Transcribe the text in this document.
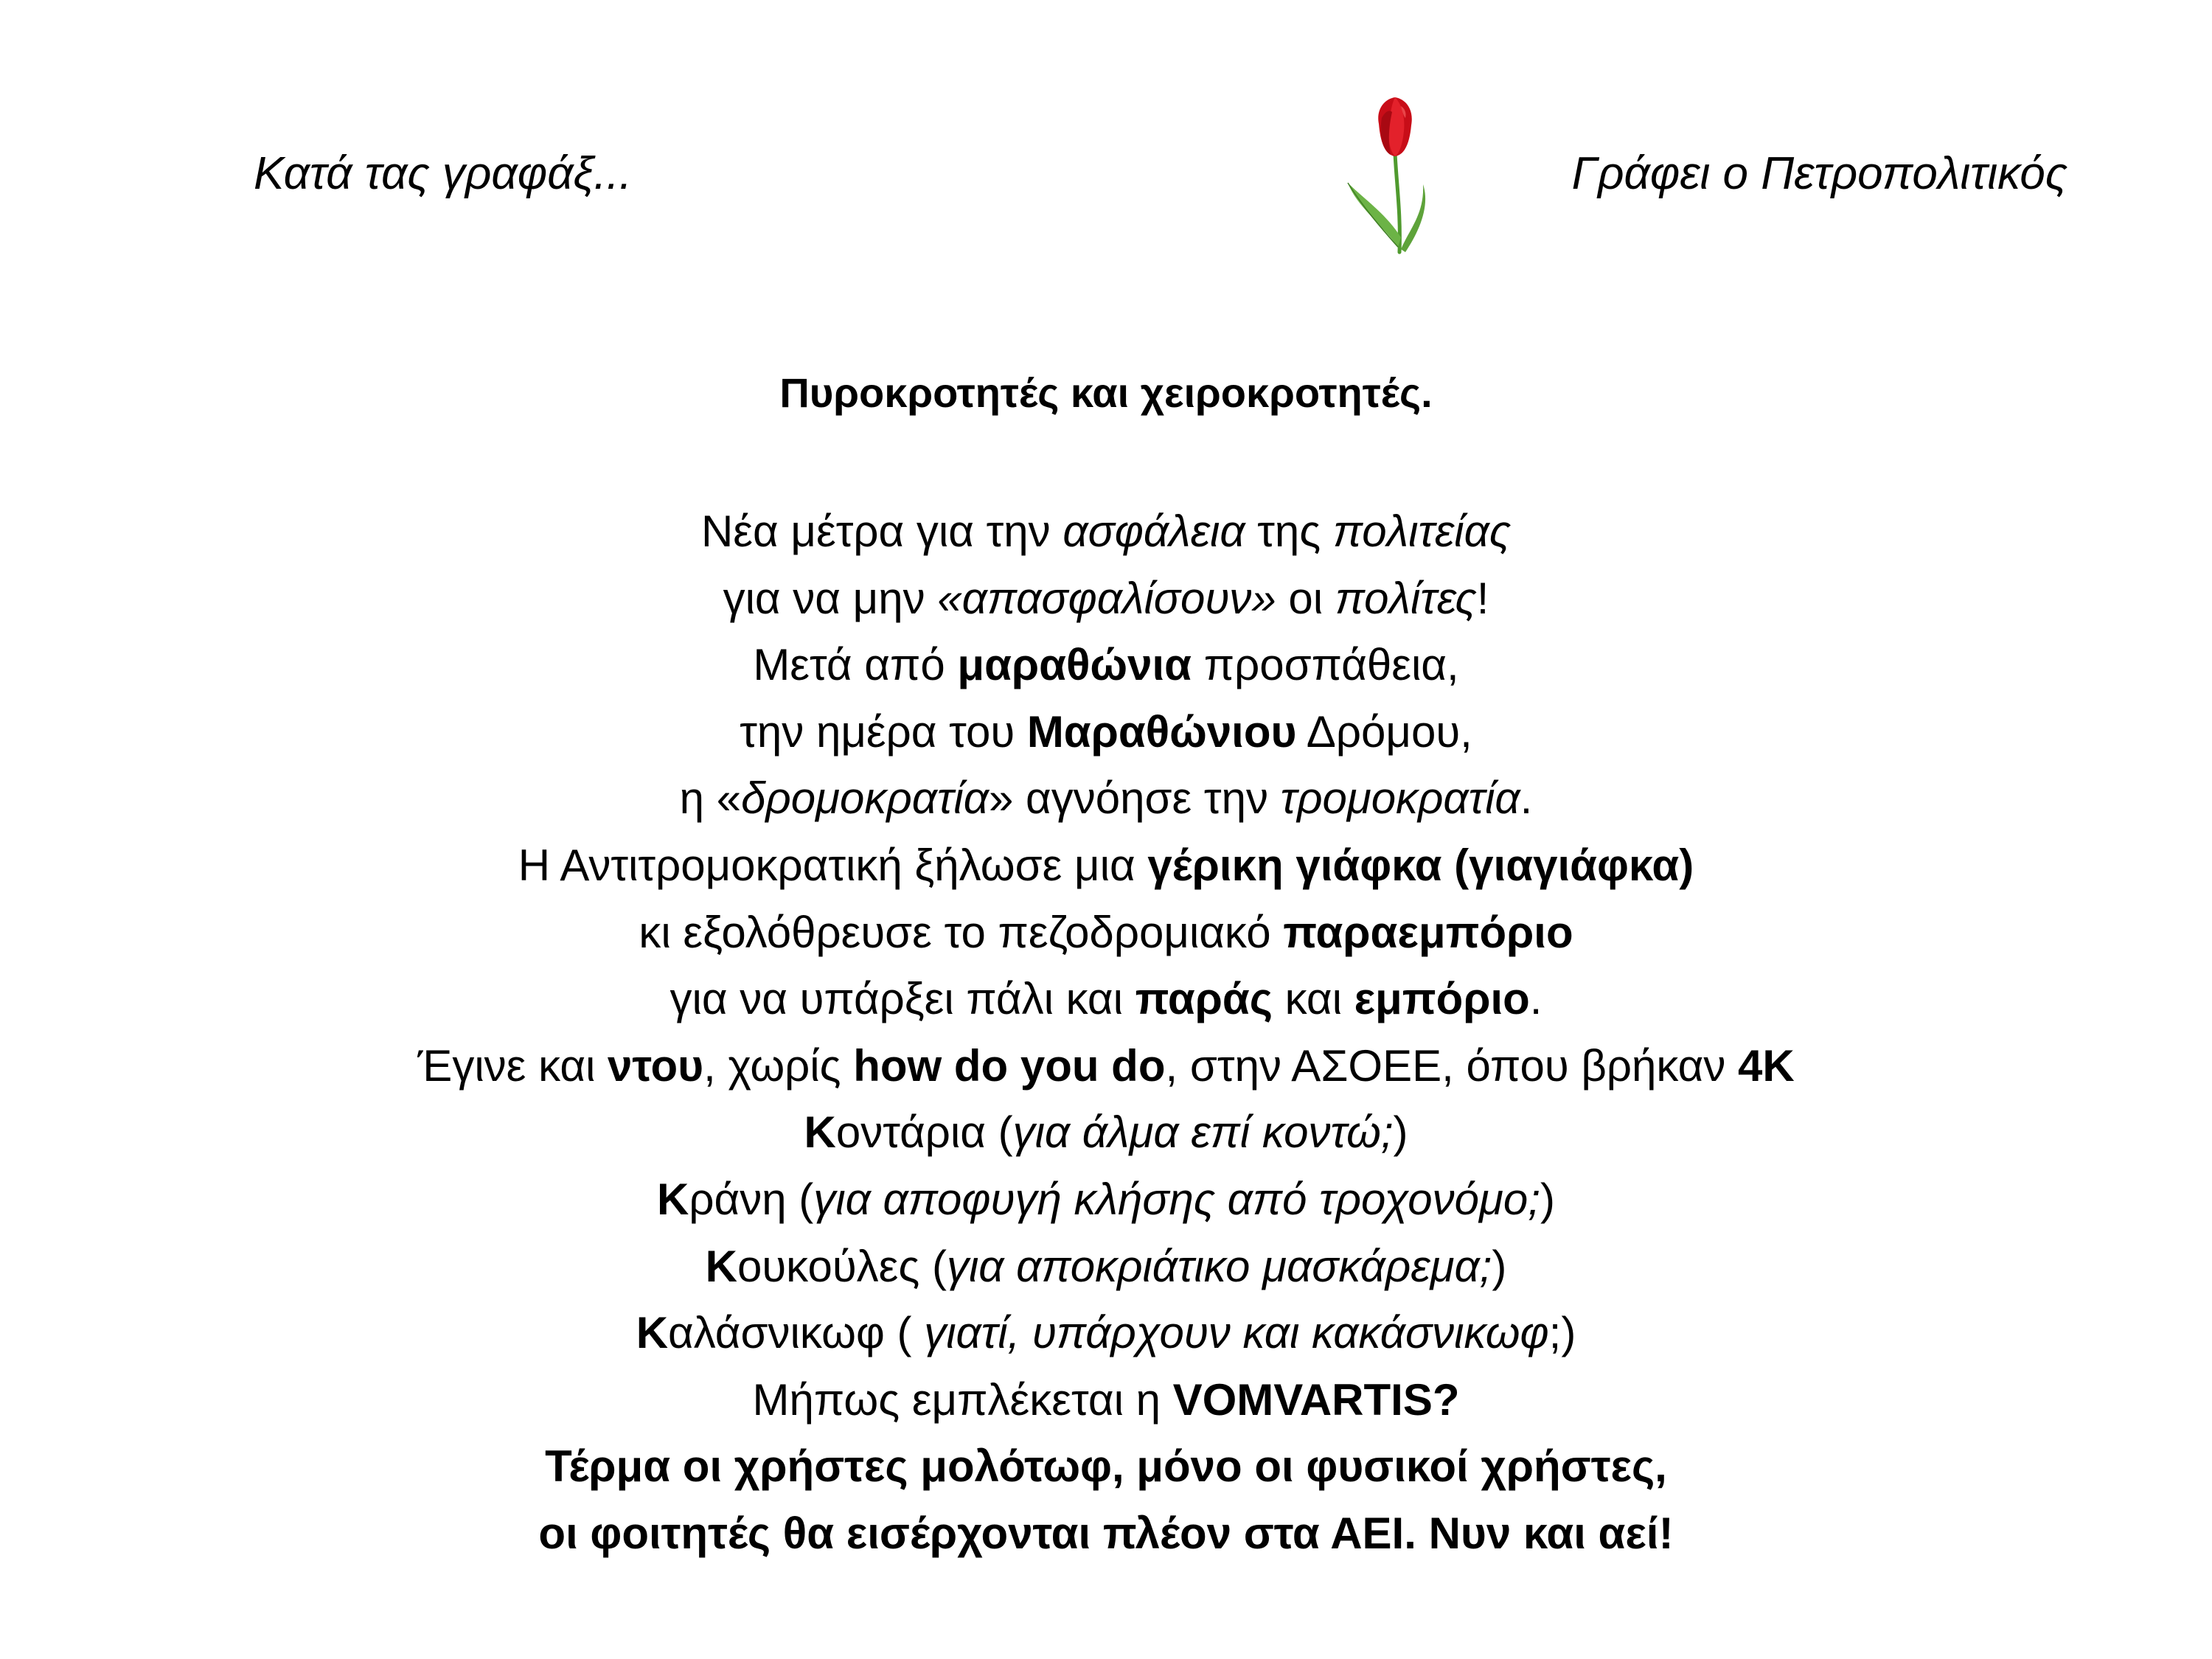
Κατά τας γραφάξ...	Γράφει ο Πετροπολιτικός
Πυροκροτητές και χειροκροτητές.
Νέα μέτρα για την ασφάλεια της πολιτείας
για να μην «απασφαλίσουν» οι πολίτες!
Μετά από μαραθώνια προσπάθεια,
την ημέρα του Μαραθώνιου Δρόμου,
η «δρομοκρατία» αγνόησε την τρομοκρατία.
Η Αντιτρομοκρατική ξήλωσε μια γέρικη γιάφκα (γιαγιάφκα)
κι εξολόθρευσε το πεζοδρομιακό παραεμπόριο
για να υπάρξει πάλι και παράς και εμπόριο.
Έγινε και ντου, χωρίς how do you do, στην ΑΣΟΕΕ, όπου βρήκαν 4Κ
Κοντάρια (για άλμα επί κοντώ;)
Κράνη (για αποφυγή κλήσης από τροχονόμο;)
Κουκούλες (για αποκριάτικο μασκάρεμα;)
Καλάσνικωφ ( γιατί, υπάρχουν και κακάσνικωφ;)
Μήπως εμπλέκεται η VOMVARTIS?
Τέρμα οι χρήστες μολότωφ, μόνο οι φυσικοί χρήστες,
οι φοιτητές θα εισέρχονται πλέον στα ΑΕΙ. Νυν και αεί!
